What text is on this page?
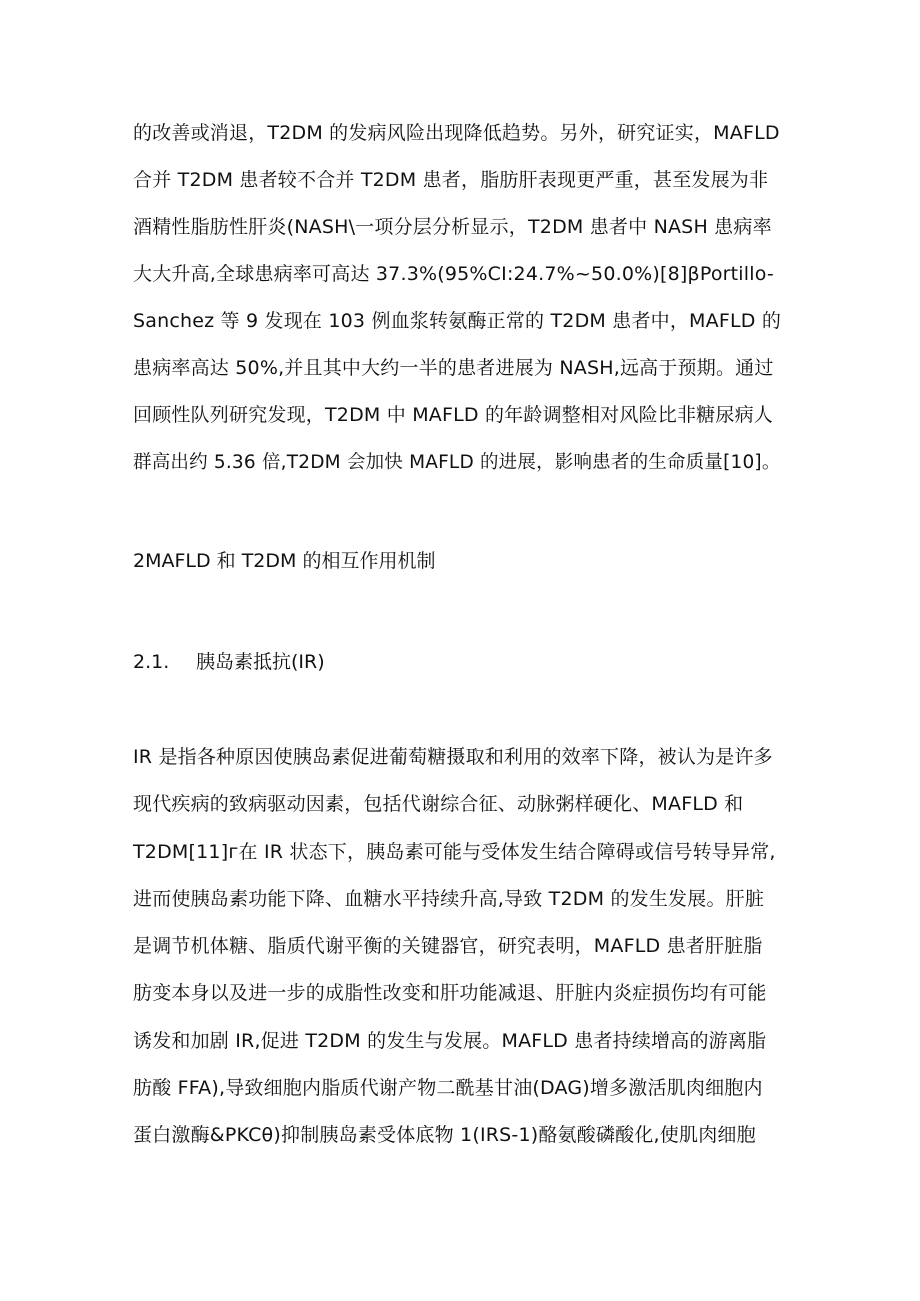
的改善或消退，T2DM 的发病风险出现降低趋势。另外，研究证实，MAFLD
合并 T2DM 患者较不合并 T2DM 患者，脂肪肝表现更严重，甚至发展为非
酒精性脂肪性肝炎(NASH\一项分层分析显示，T2DM 患者中 NASH 患病率
大大升高,全球患病率可高达 37.3%(95%CI:24.7%~50.0%)[8]βPortillo-
Sanchez 等 9 发现在 103 例血浆转氨酶正常的 T2DM 患者中，MAFLD 的
患病率高达 50%,并且其中大约一半的患者进展为 NASH,远高于预期。通过
回顾性队列研究发现，T2DM 中 MAFLD 的年龄调整相对风险比非糖尿病人
群高出约 5.36 倍,T2DM 会加快 MAFLD 的进展，影响患者的生命质量[10]。
2MAFLD 和 T2DM 的相互作用机制
2.1. 胰岛素抵抗(IR)
IR 是指各种原因使胰岛素促进葡萄糖摄取和利用的效率下降，被认为是许多
现代疾病的致病驱动因素，包括代谢综合征、动脉粥样硬化、MAFLD 和
T2DM[11]г在 IR 状态下，胰岛素可能与受体发生结合障碍或信号转导异常,
进而使胰岛素功能下降、血糖水平持续升高,导致 T2DM 的发生发展。肝脏
是调节机体糖、脂质代谢平衡的关键器官，研究表明，MAFLD 患者肝脏脂
肪变本身以及进一步的成脂性改变和肝功能减退、肝脏内炎症损伤均有可能
诱发和加剧 IR,促进 T2DM 的发生与发展。MAFLD 患者持续增高的游离脂
肪酸 FFA),导致细胞内脂质代谢产物二酰基甘油(DAG)增多激活肌肉细胞内
蛋白激酶&PKCθ)抑制胰岛素受体底物 1(IRS-1)酪氨酸磷酸化,使肌肉细胞
